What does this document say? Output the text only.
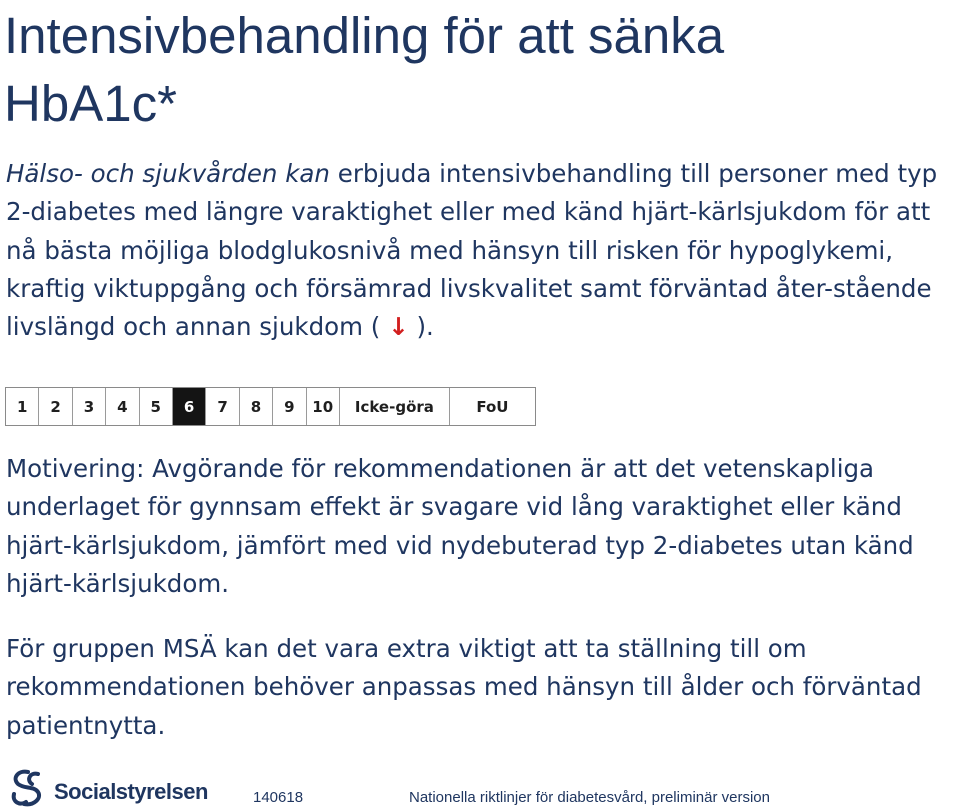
Intensivbehandling för att sänka
HbA1c*

Hälso- och sjukvården kan erbjuda intensivbehandling till personer med typ 2-diabetes med längre varaktighet eller med känd hjärt-kärlsjukdom för att nå bästa möjliga blodglukosnivå med hänsyn till risken för hypoglykemi, kraftig viktuppgång och försämrad livskvalitet samt förväntad åter-stående livslängd och annan sjukdom ( ↓ ).

1	2	3	4	5	6	7	8	9	10	Icke-göra	FoU

Motivering: Avgörande för rekommendationen är att det vetenskapliga underlaget för gynnsam effekt är svagare vid lång varaktighet eller känd hjärt-kärlsjukdom, jämfört med vid nydebuterad typ 2-diabetes utan känd hjärt-kärlsjukdom.

För gruppen MSÄ kan det vara extra viktigt att ta ställning till om rekommendationen behöver anpassas med hänsyn till ålder och förväntad patientnytta.

Socialstyrelsen	140618	Nationella riktlinjer för diabetesvård, preliminär version
